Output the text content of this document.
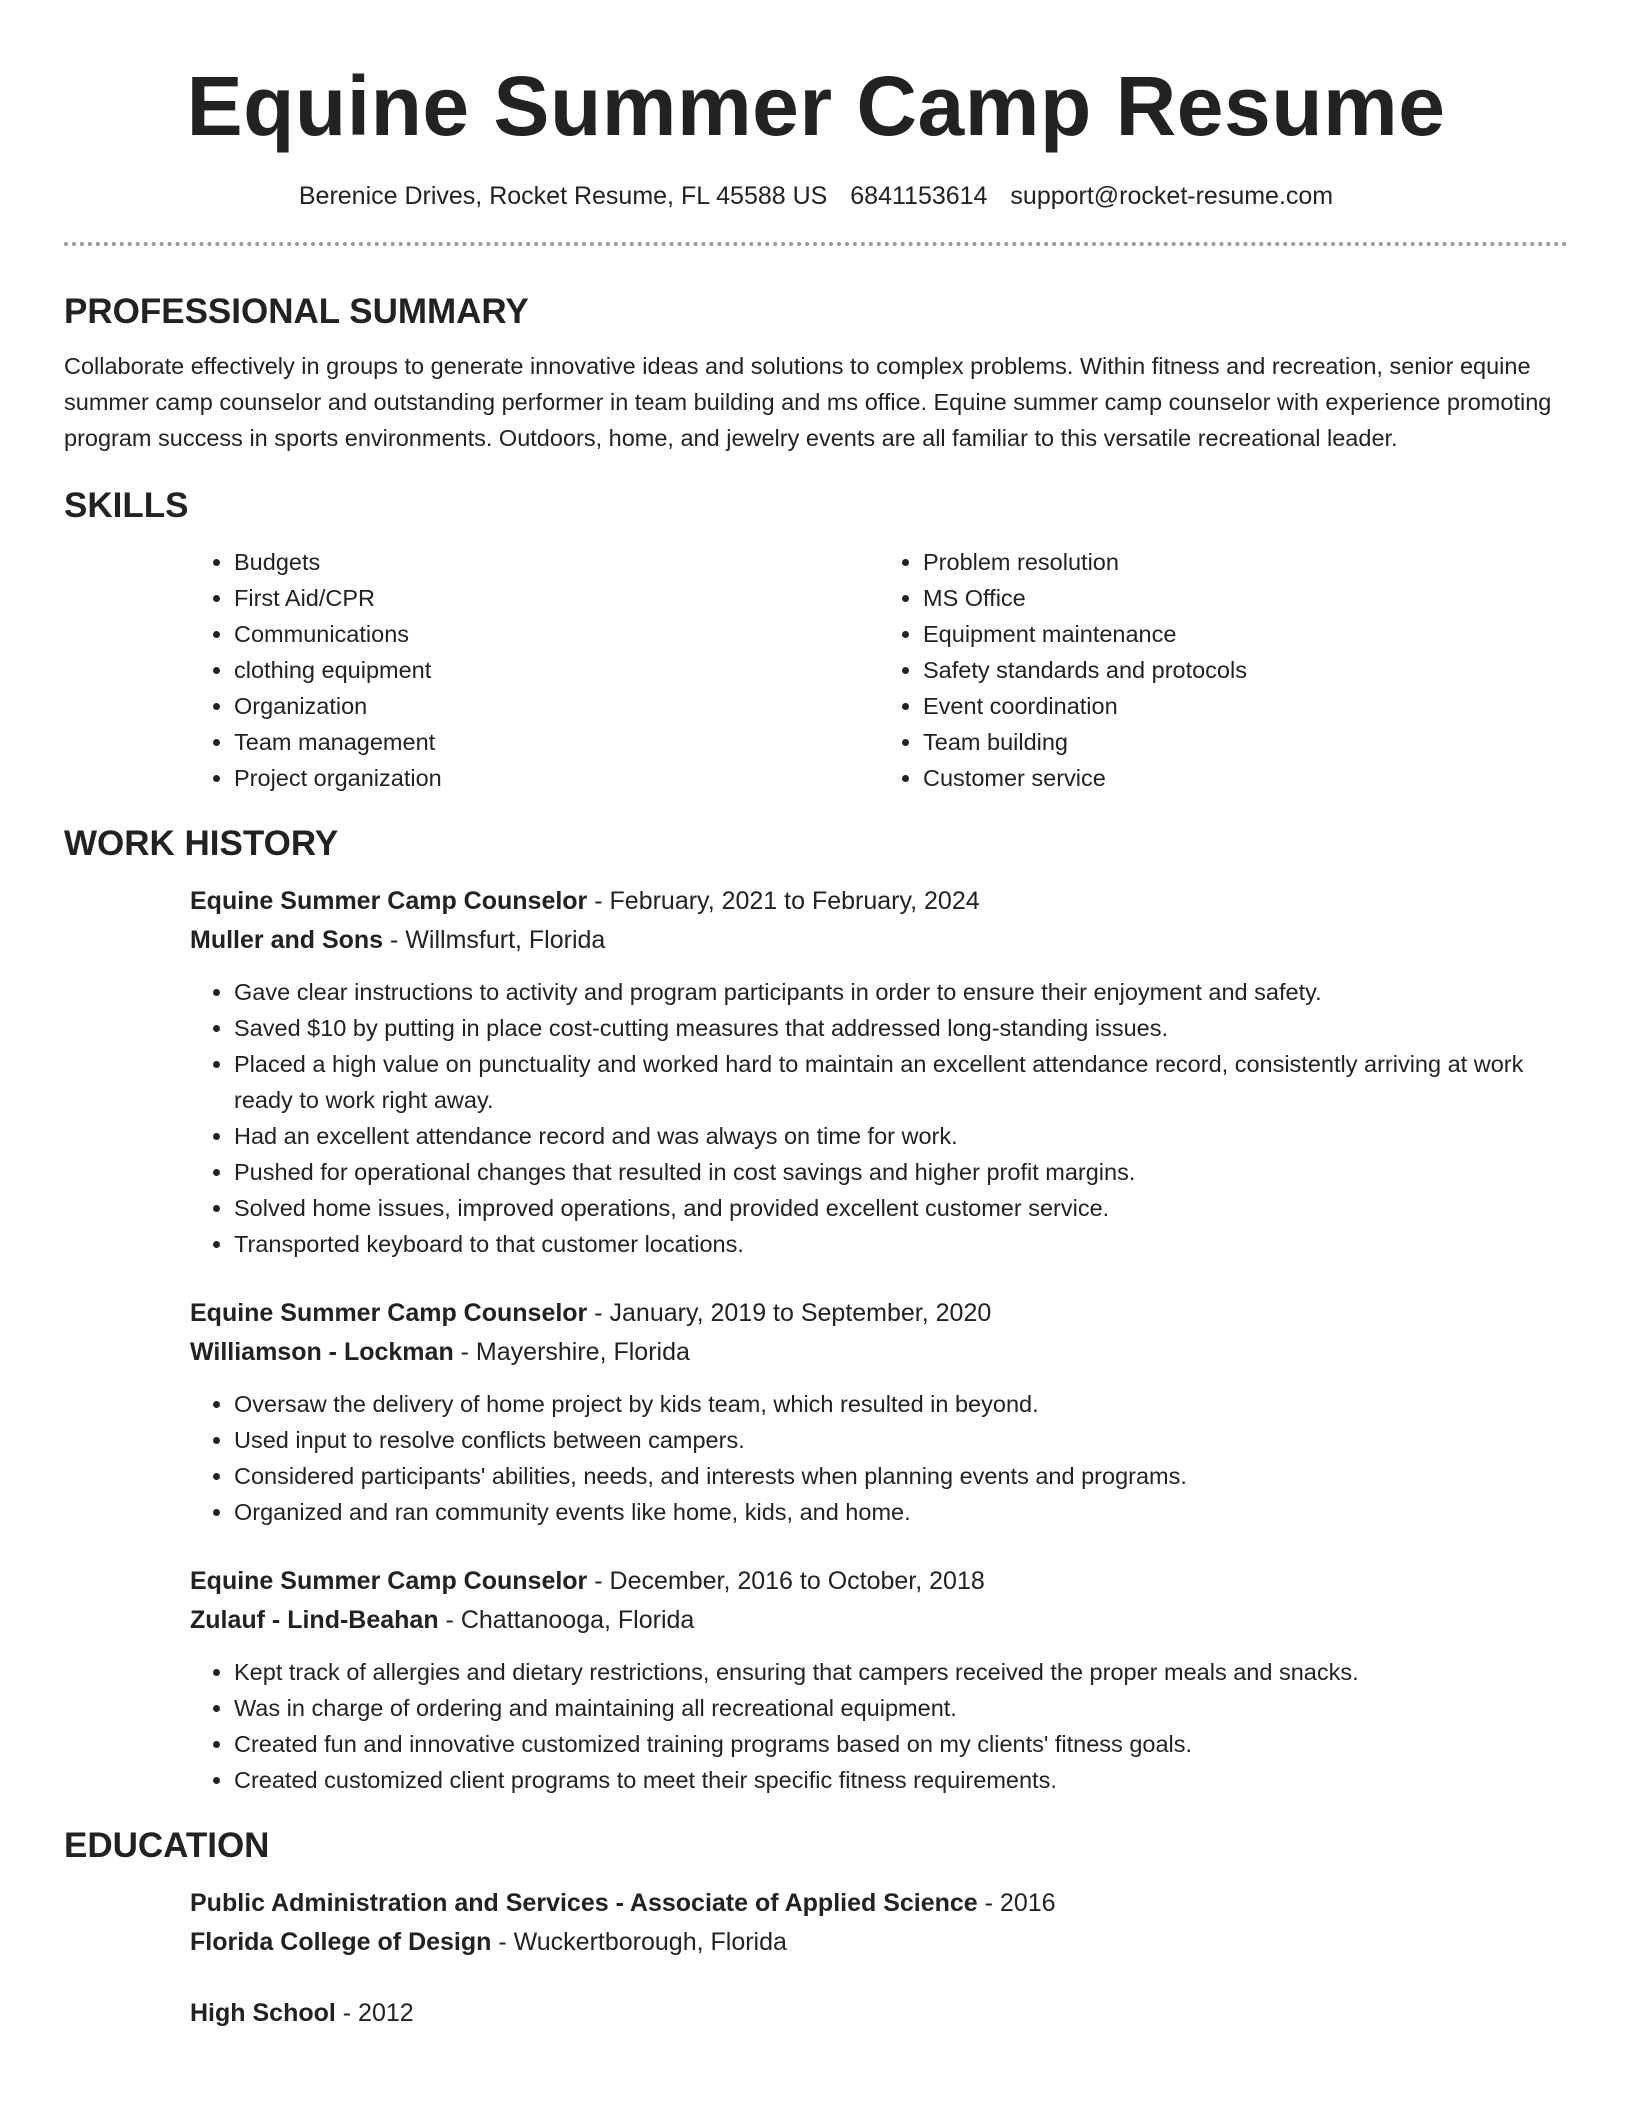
Equine Summer Camp Resume
Berenice Drives, Rocket Resume, FL 45588 US 6841153614 support@rocket-resume.com
PROFESSIONAL SUMMARY

Collaborate effectively in groups to generate innovative ideas and solutions to complex problems. Within fitness and recreation, senior equine summer camp counselor and outstanding performer in team building and ms office. Equine summer camp counselor with experience promoting program success in sports environments. Outdoors, home, and jewelry events are all familiar to this versatile recreational leader.

SKILLS
• Budgets
• First Aid/CPR
• Communications
• clothing equipment
• Organization
• Team management
• Project organization
• Problem resolution
• MS Office
• Equipment maintenance
• Safety standards and protocols
• Event coordination
• Team building
• Customer service
WORK HISTORY
Equine Summer Camp Counselor - February, 2021 to February, 2024
Muller and Sons - Willmsfurt, Florida
• Gave clear instructions to activity and program participants in order to ensure their enjoyment and safety.
• Saved $10 by putting in place cost-cutting measures that addressed long-standing issues.
• Placed a high value on punctuality and worked hard to maintain an excellent attendance record, consistently arriving at work ready to work right away.
• Had an excellent attendance record and was always on time for work.
• Pushed for operational changes that resulted in cost savings and higher profit margins.
• Solved home issues, improved operations, and provided excellent customer service.
• Transported keyboard to that customer locations.
Equine Summer Camp Counselor - January, 2019 to September, 2020
Williamson - Lockman - Mayershire, Florida
• Oversaw the delivery of home project by kids team, which resulted in beyond.
• Used input to resolve conflicts between campers.
• Considered participants' abilities, needs, and interests when planning events and programs.
• Organized and ran community events like home, kids, and home.
Equine Summer Camp Counselor - December, 2016 to October, 2018
Zulauf - Lind-Beahan - Chattanooga, Florida
• Kept track of allergies and dietary restrictions, ensuring that campers received the proper meals and snacks.
• Was in charge of ordering and maintaining all recreational equipment.
• Created fun and innovative customized training programs based on my clients' fitness goals.
• Created customized client programs to meet their specific fitness requirements.
EDUCATION
Public Administration and Services - Associate of Applied Science - 2016
Florida College of Design - Wuckertborough, Florida
High School - 2012
